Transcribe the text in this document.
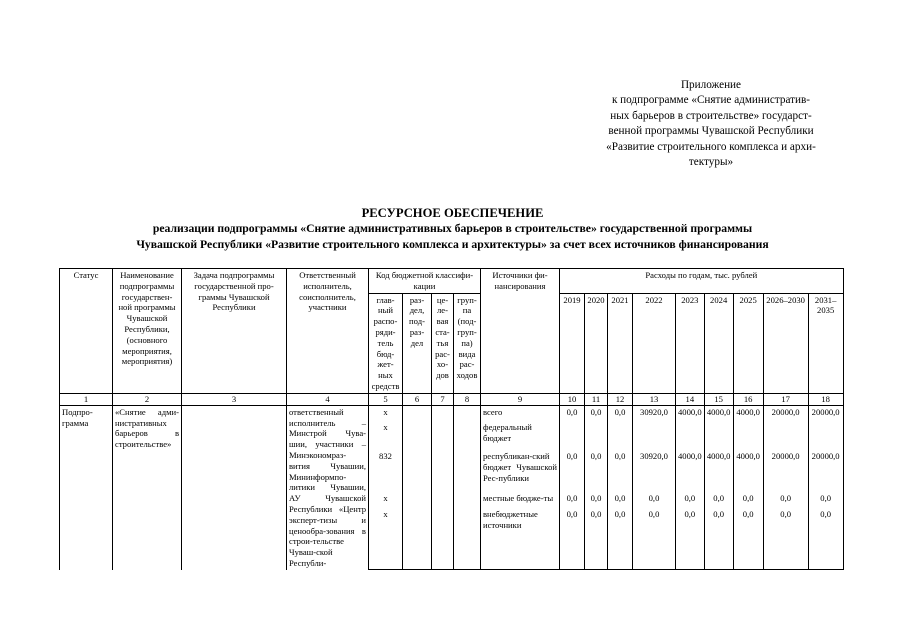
Приложение
к подпрограмме «Снятие административ-
ных барьеров в строительстве» государст-
венной программы Чувашской Республики
«Развитие строительного комплекса и архи-
тектуры»
РЕСУРСНОЕ ОБЕСПЕЧЕНИЕ
реализации подпрограммы «Снятие административных барьеров в строительстве» государственной программы
Чувашской Республики «Развитие строительного комплекса и архитектуры» за счет всех источников финансирования
Статус	Наименование подпрограммы государствен-ной программы Чувашской Республики, (основного мероприятия, мероприятия)	Задача подпрограммы государственной про-граммы Чувашской Республики	Ответственный исполнитель, соисполнитель, участники	Код бюджетной классифи-кации				Источники фи-нансирования	Расходы по годам, тыс. рублей								
				глав-ный распо-ряди-тель бюд-жет-ных средств	раз-дел, под-раз-дел	це-ле-вая ста-тья рас-хо-дов	груп-па (под-груп-па) вида рас-ходов		2019	2020	2021	2022	2023	2024	2025	2026–2030	2031–2035
1	2	3	4	5	6	7	8	9	10	11	12	13	14	15	16	17	18
Подпро-грамма	«Снятие адми-нистративных барьеров в строительстве»		ответственный исполнитель – Минстрой Чува-шии, участники – Минэкономраз-вития Чувашии, Мининформпо-литики Чувашии, АУ Чувашской Республики «Центр эксперт-тизы и ценообра-зования в строи-тельстве Чуваш-ской Республи-	х				всего	0,0	0,0	0,0	30920,0	4000,0	4000,0	4000,0	20000,0	20000,0
				х				федеральный бюджет									
				832				республикан-ский бюджет Чувашской Рес-публики	0,0	0,0	0,0	30920,0	4000,0	4000,0	4000,0	20000,0	20000,0
				х				местные бюдже-ты	0,0	0,0	0,0	0,0	0,0	0,0	0,0	0,0	0,0
				х				внебюджетные источники	0,0	0,0	0,0	0,0	0,0	0,0	0,0	0,0	0,0
